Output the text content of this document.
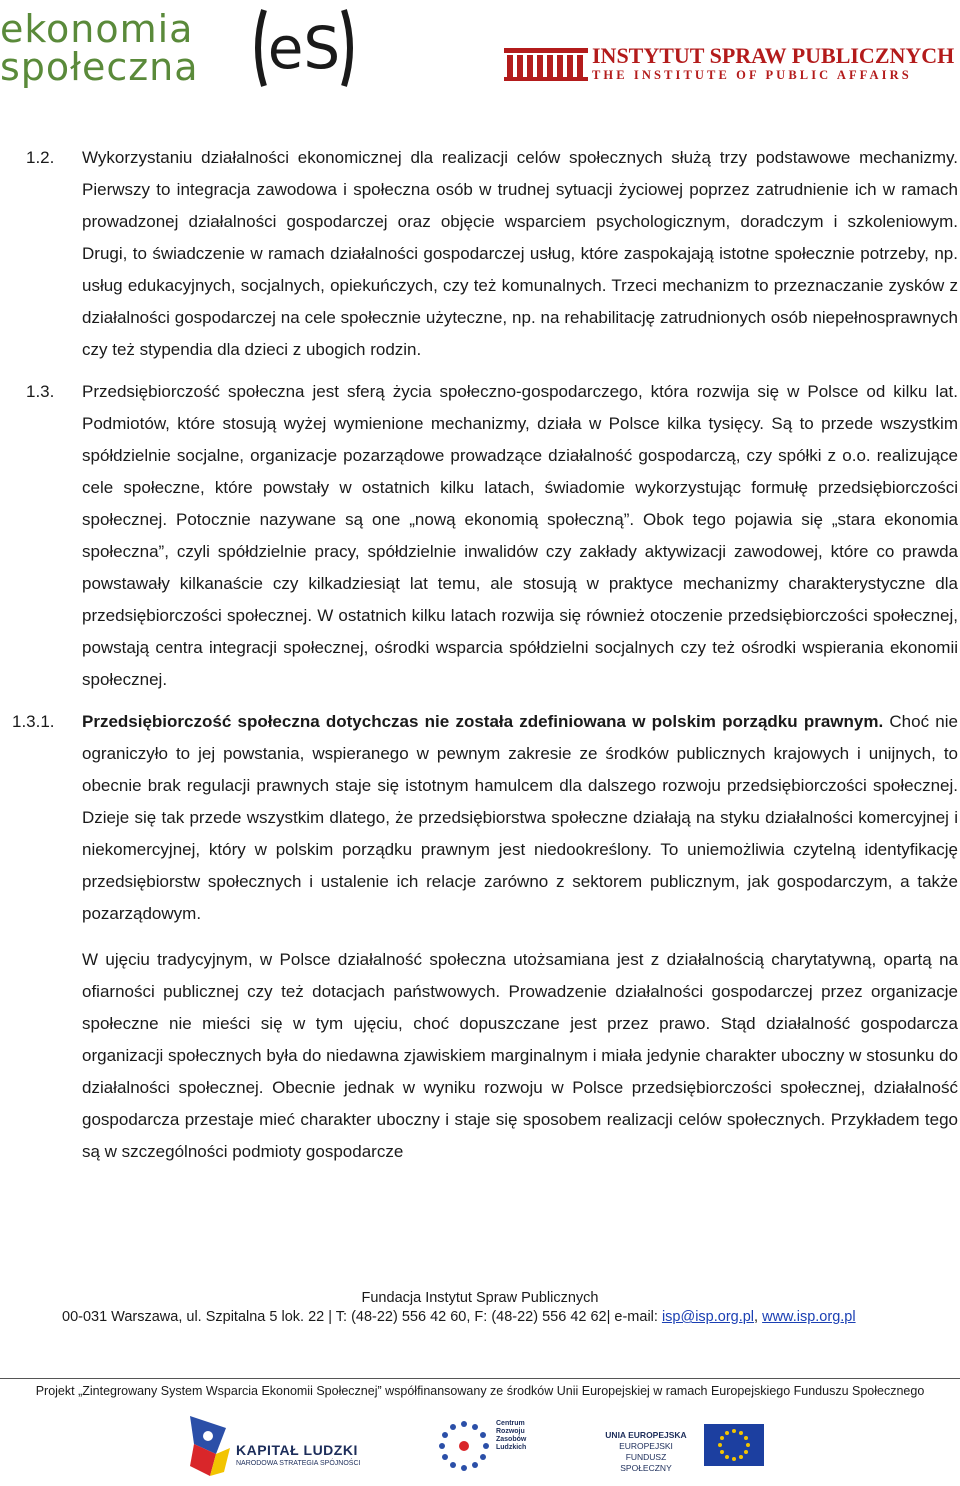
ekonomia
społeczna eS	INSTYTUT SPRAW PUBLICZNYCH
THE INSTITUTE OF PUBLIC AFFAIRS
1.2. Wykorzystaniu działalności ekonomicznej dla realizacji celów społecznych służą trzy podstawowe mechanizmy. Pierwszy to integracja zawodowa i społeczna osób w trudnej sytuacji życiowej poprzez zatrudnienie ich w ramach prowadzonej działalności gospodarczej oraz objęcie wsparciem psychologicznym, doradczym i szkoleniowym. Drugi, to świadczenie w ramach działalności gospodarczej usług, które zaspokajają istotne społecznie potrzeby, np. usług edukacyjnych, socjalnych, opiekuńczych, czy też komunalnych. Trzeci mechanizm to przeznaczanie zysków z działalności gospodarczej na cele społecznie użyteczne, np. na rehabilitację zatrudnionych osób niepełnosprawnych czy też stypendia dla dzieci z ubogich rodzin.

1.3. Przedsiębiorczość społeczna jest sferą życia społeczno-gospodarczego, która rozwija się w Polsce od kilku lat. Podmiotów, które stosują wyżej wymienione mechanizmy, działa w Polsce kilka tysięcy. Są to przede wszystkim spółdzielnie socjalne, organizacje pozarządowe prowadzące działalność gospodarczą, czy spółki z o.o. realizujące cele społeczne, które powstały w ostatnich kilku latach, świadomie wykorzystując formułę przedsiębiorczości społecznej. Potocznie nazywane są one „nową ekonomią społeczną”. Obok tego pojawia się „stara ekonomia społeczna”, czyli spółdzielnie pracy, spółdzielnie inwalidów czy zakłady aktywizacji zawodowej, które co prawda powstawały kilkanaście czy kilkadziesiąt lat temu, ale stosują w praktyce mechanizmy charakterystyczne dla przedsiębiorczości społecznej. W ostatnich kilku latach rozwija się również otoczenie przedsiębiorczości społecznej, powstają centra integracji społecznej, ośrodki wsparcia spółdzielni socjalnych czy też ośrodki wspierania ekonomii społecznej.

1.3.1. Przedsiębiorczość społeczna dotychczas nie została zdefiniowana w polskim porządku prawnym. Choć nie ograniczyło to jej powstania, wspieranego w pewnym zakresie ze środków publicznych krajowych i unijnych, to obecnie brak regulacji prawnych staje się istotnym hamulcem dla dalszego rozwoju przedsiębiorczości społecznej. Dzieje się tak przede wszystkim dlatego, że przedsiębiorstwa społeczne działają na styku działalności komercyjnej i niekomercyjnej, który w polskim porządku prawnym jest niedookreślony. To uniemożliwia czytelną identyfikację przedsiębiorstw społecznych i ustalenie ich relacje zarówno z sektorem publicznym, jak gospodarczym, a także pozarządowym.

W ujęciu tradycyjnym, w Polsce działalność społeczna utożsamiana jest z działalnością charytatywną, opartą na ofiarności publicznej czy też dotacjach państwowych. Prowadzenie działalności gospodarczej przez organizacje społeczne nie mieści się w tym ujęciu, choć dopuszczane jest przez prawo. Stąd działalność gospodarcza organizacji społecznych była do niedawna zjawiskiem marginalnym i miała jedynie charakter uboczny w stosunku do działalności społecznej. Obecnie jednak w wyniku rozwoju w Polsce przedsiębiorczości społecznej, działalność gospodarcza przestaje mieć charakter uboczny i staje się sposobem realizacji celów społecznych. Przykładem tego są w szczególności podmioty gospodarcze

Fundacja Instytut Spraw Publicznych
00-031 Warszawa, ul. Szpitalna 5 lok. 22 | T: (48-22) 556 42 60, F: (48-22) 556 42 62| e-mail: isp@isp.org.pl, www.isp.org.pl
Projekt „Zintegrowany System Wsparcia Ekonomii Społecznej” współfinansowany ze środków Unii Europejskiej w ramach Europejskiego Funduszu Społecznego
KAPITAŁ LUDZKI
NARODOWA STRATEGIA SPÓJNOŚCI
Centrum
Rozwoju
Zasobów
Ludzkich
UNIA EUROPEJSKA
EUROPEJSKI
FUNDUSZ SPOŁECZNY
